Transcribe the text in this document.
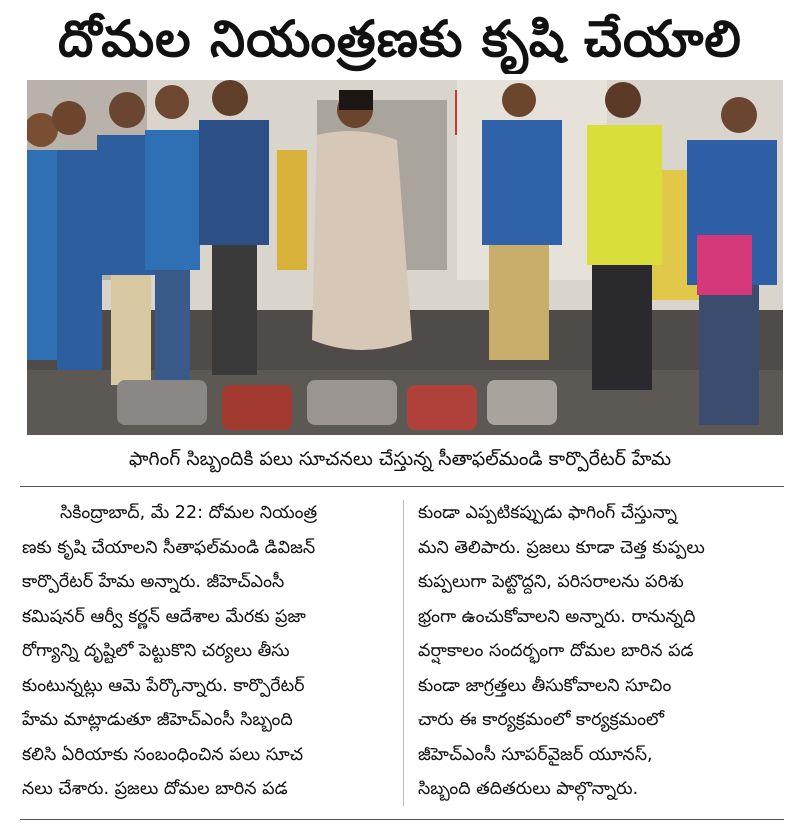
దోమల నియంత్రణకు కృషి చేయాలి
ఫాగింగ్ సిబ్బందికి పలు సూచనలు చేస్తున్న సీతాఫల్‌మండి కార్పొరేటర్ హేమ
సికింద్రాబాద్, మే 22: దోమల నియంత్ర
ణకు కృషి చేయాలని సీతాఫల్‌మండి డివిజన్
కార్పొరేటర్ హేమ అన్నారు. జీహెచ్‌ఎంసీ
కమిషనర్ ఆర్వీ కర్ణన్ ఆదేశాల మేరకు ప్రజా
రోగ్యాన్ని దృష్టిలో పెట్టుకొని చర్యలు తీసు
కుంటున్నట్లు ఆమె పేర్కొన్నారు. కార్పొరేటర్
హేమ మాట్లాడుతూ జీహెచ్‌ఎంసీ సిబ్బంది
కలిసి ఏరియాకు సంబంధించిన పలు సూచ
నలు చేశారు. ప్రజలు దోమల బారిన పడ
కుండా ఎప్పటికప్పుడు ఫాగింగ్ చేస్తున్నా
మని తెలిపారు. ప్రజలు కూడా చెత్త కుప్పలు
కుప్పలుగా పెట్టొద్దని, పరిసరాలను పరిశు
భ్రంగా ఉంచుకోవాలని అన్నారు. రానున్నది
వర్షాకాలం సందర్భంగా దోమల బారిన పడ
కుండా జాగ్రత్తలు తీసుకోవాలని సూచిం
చారు ఈ కార్యక్రమంలో కార్యక్రమంలో
జీహెచ్‌ఎంసీ సూపర్‌వైజర్ యూనస్,
సిబ్బంది తదితరులు పాల్గొన్నారు.
